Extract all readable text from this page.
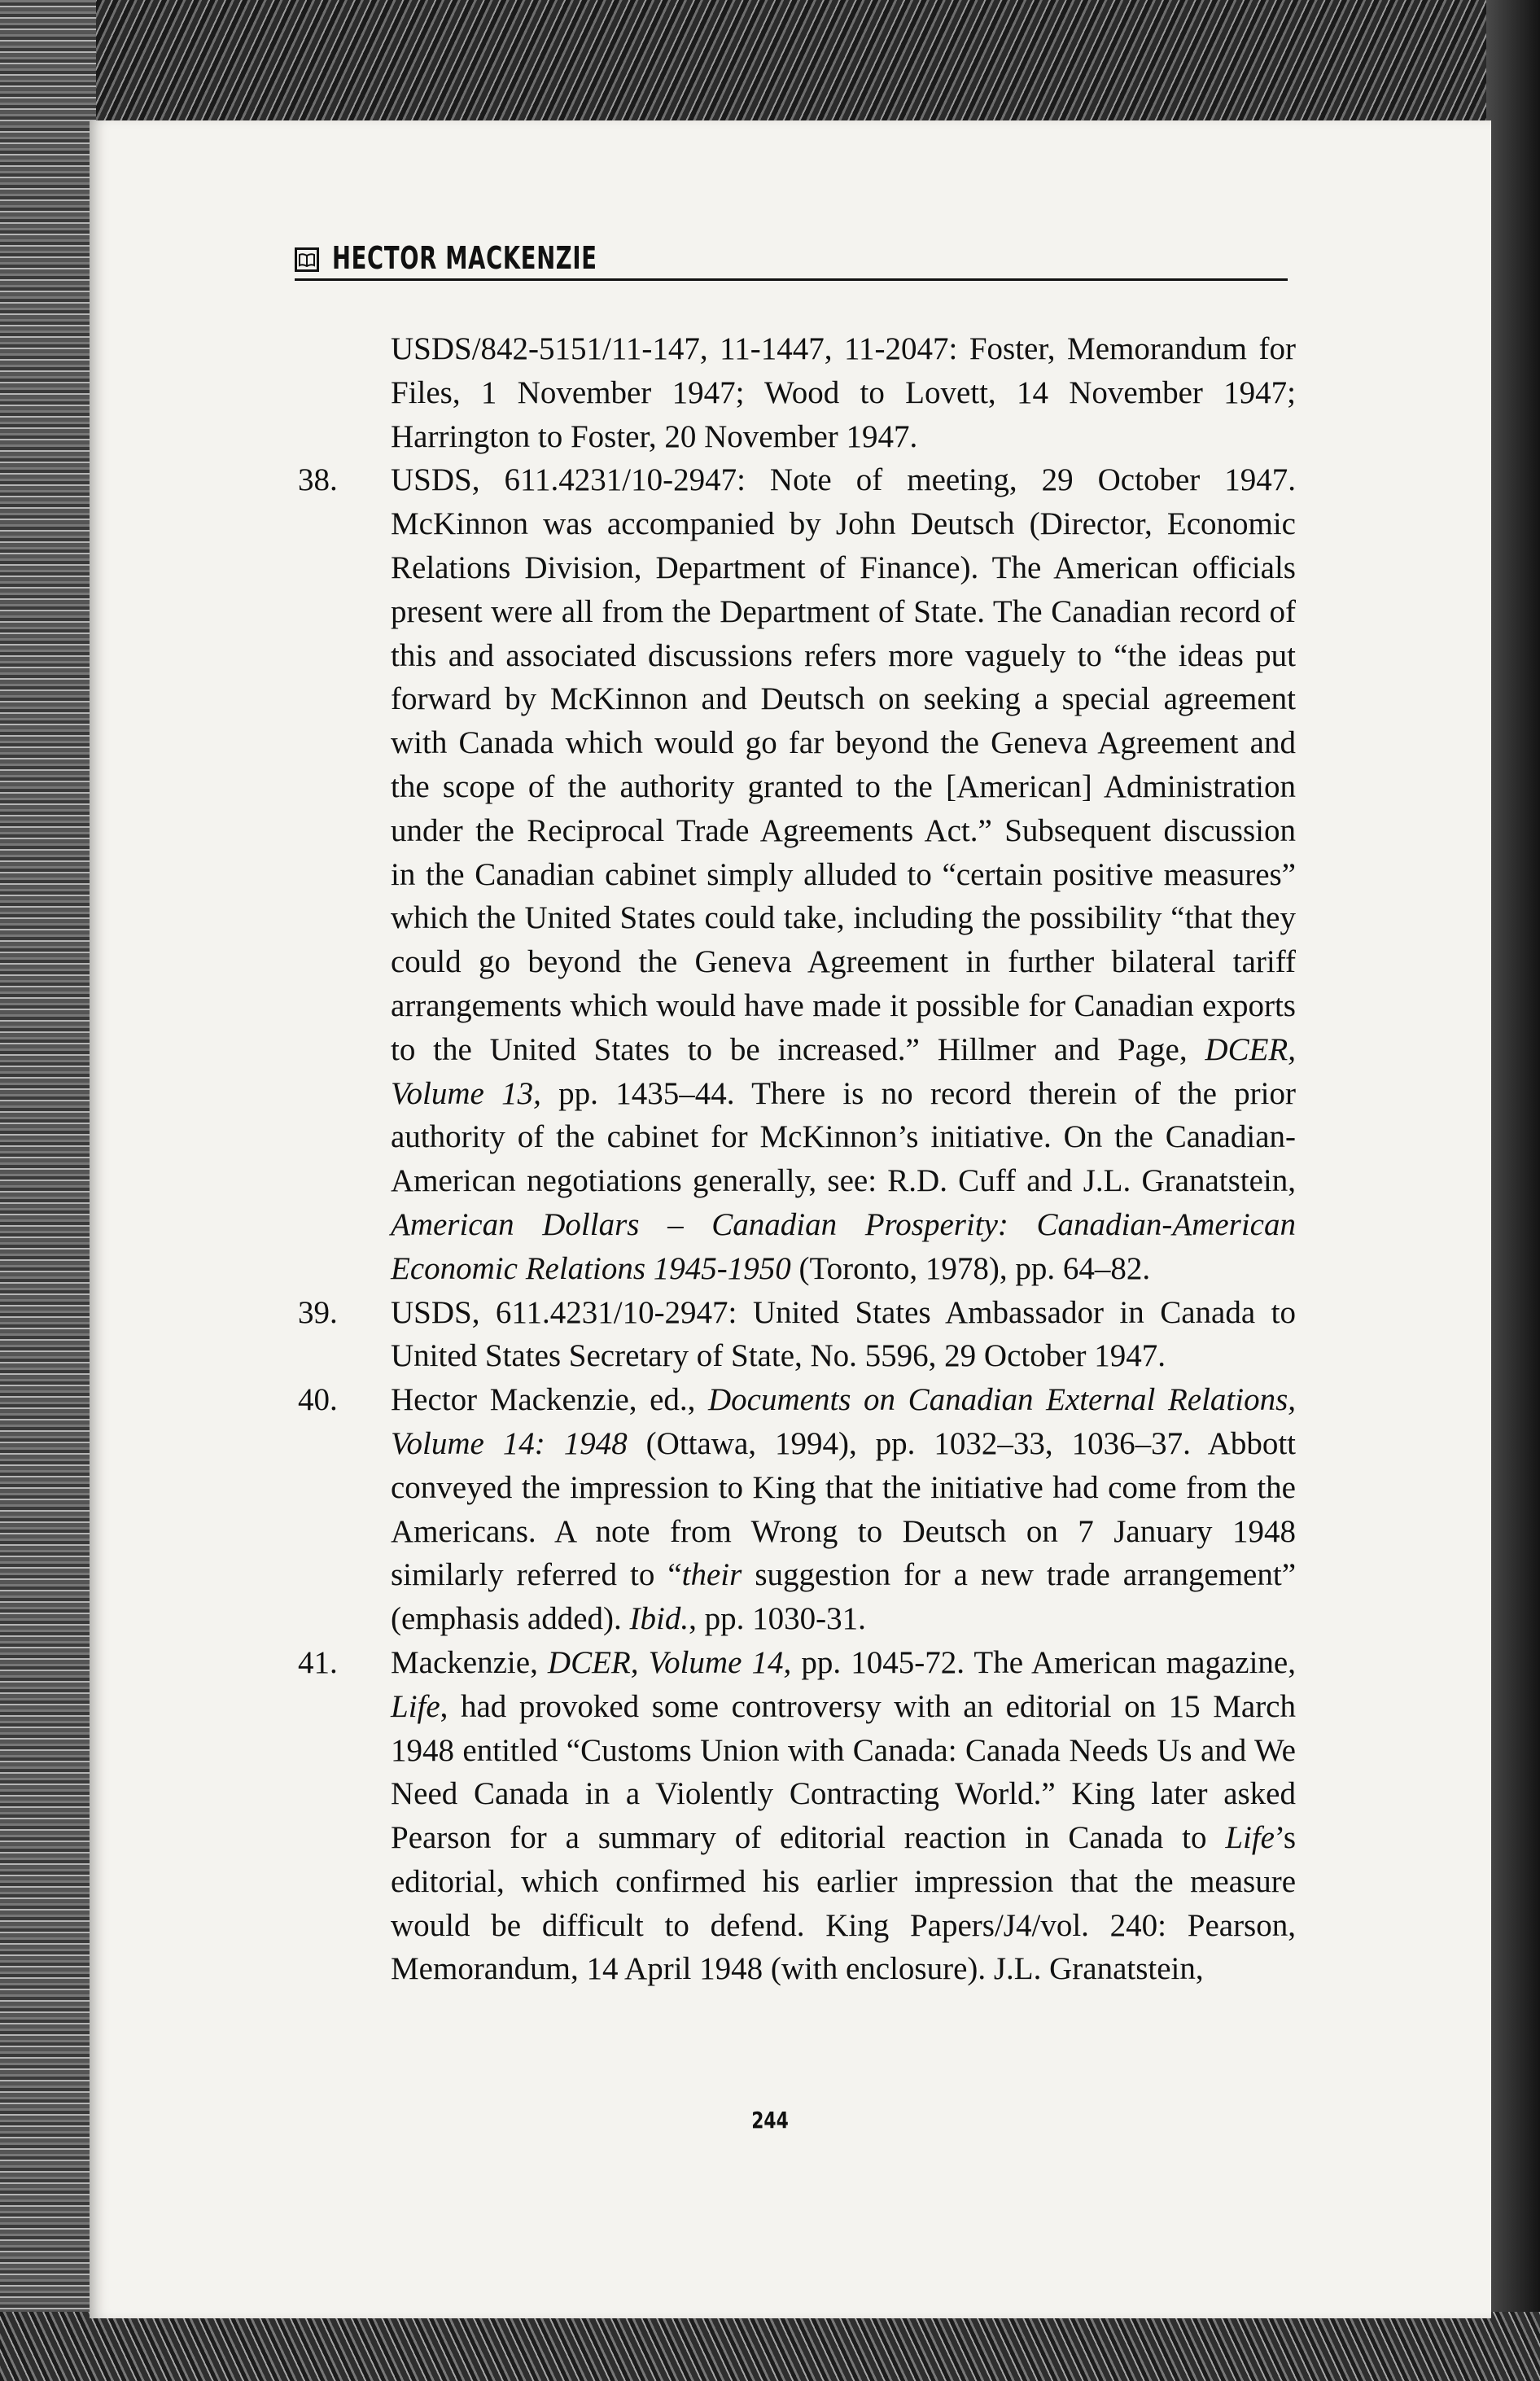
HECTOR MACKENZIE
USDS/842-5151/11-147, 11-1447, 11-2047: Foster, Memorandum for Files, 1 November 1947; Wood to Lovett, 14 November 1947; Harrington to Foster, 20 November 1947.
38.	USDS, 611.4231/10-2947: Note of meeting, 29 October 1947. McKinnon was accompanied by John Deutsch (Director, Economic Relations Division, Department of Finance). The American officials present were all from the Department of State. The Canadian record of this and associated discussions refers more vaguely to “the ideas put forward by McKinnon and Deutsch on seeking a special agreement with Canada which would go far beyond the Geneva Agreement and the scope of the authority granted to the [American] Administration under the Reciprocal Trade Agreements Act.” Subsequent discussion in the Canadian cabinet simply alluded to “certain positive measures” which the United States could take, including the possibility “that they could go beyond the Geneva Agreement in further bilateral tariff arrangements which would have made it possible for Canadian exports to the United States to be increased.” Hillmer and Page, DCER, Volume 13, pp. 1435–44. There is no record therein of the prior authority of the cabinet for McKinnon’s initiative. On the Canadian-American negotiations generally, see: R.D. Cuff and J.L. Granatstein, American Dollars – Canadian Prosperity: Canadian-American Economic Relations 1945-1950 (Toronto, 1978), pp. 64–82.
39.	USDS, 611.4231/10-2947: United States Ambassador in Canada to United States Secretary of State, No. 5596, 29 October 1947.
40.	Hector Mackenzie, ed., Documents on Canadian External Relations, Volume 14: 1948 (Ottawa, 1994), pp. 1032–33, 1036–37. Abbott conveyed the impression to King that the initiative had come from the Americans. A note from Wrong to Deutsch on 7 January 1948 similarly referred to “their suggestion for a new trade arrangement” (emphasis added). Ibid., pp. 1030-31.
41.	Mackenzie, DCER, Volume 14, pp. 1045-72. The American magazine, Life, had provoked some controversy with an editorial on 15 March 1948 entitled “Customs Union with Canada: Canada Needs Us and We Need Canada in a Violently Contracting World.” King later asked Pearson for a summary of editorial reaction in Canada to Life’s editorial, which confirmed his earlier impression that the measure would be difficult to defend. King Papers/J4/vol. 240: Pearson, Memorandum, 14 April 1948 (with enclosure). J.L. Granatstein,
244
